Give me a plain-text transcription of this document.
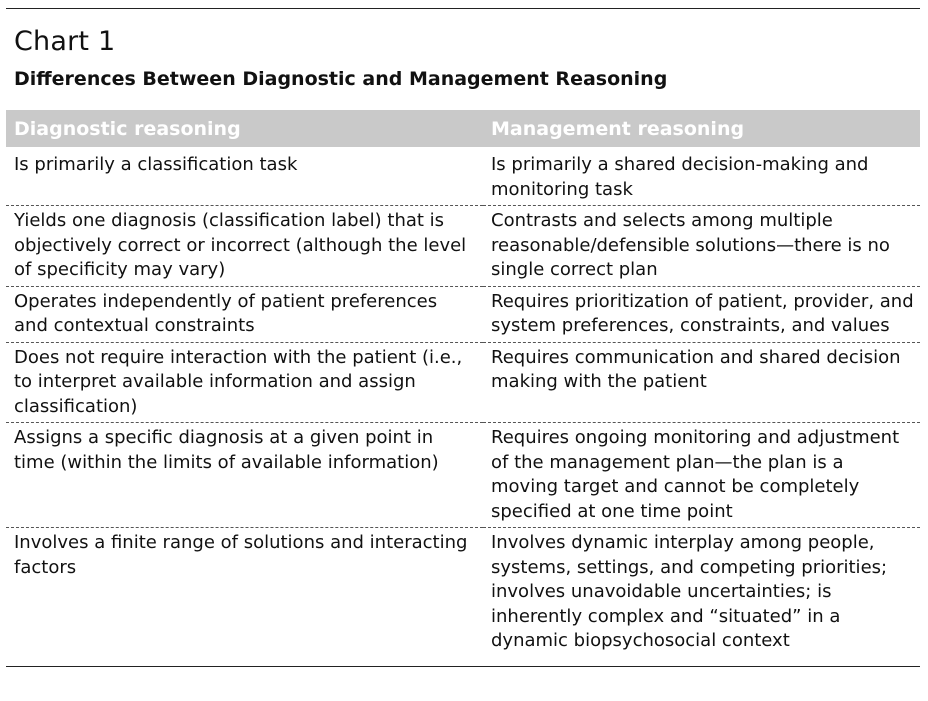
Chart 1
Differences Between Diagnostic and Management Reasoning
Diagnostic reasoning	Management reasoning
Is primarily a classification task	Is primarily a shared decision-making and monitoring task
Yields one diagnosis (classification label) that is objectively correct or incorrect (although the level of specificity may vary)	Contrasts and selects among multiple reasonable/defensible solutions—there is no single correct plan
Operates independently of patient preferences and contextual constraints	Requires prioritization of patient, provider, and system preferences, constraints, and values
Does not require interaction with the patient (i.e., to interpret available information and assign classification)	Requires communication and shared decision making with the patient
Assigns a specific diagnosis at a given point in time (within the limits of available information)	Requires ongoing monitoring and adjustment of the management plan—the plan is a moving target and cannot be completely specified at one time point
Involves a finite range of solutions and interacting factors	Involves dynamic interplay among people, systems, settings, and competing priorities; involves unavoidable uncertainties; is inherently complex and “situated” in a dynamic biopsychosocial context
